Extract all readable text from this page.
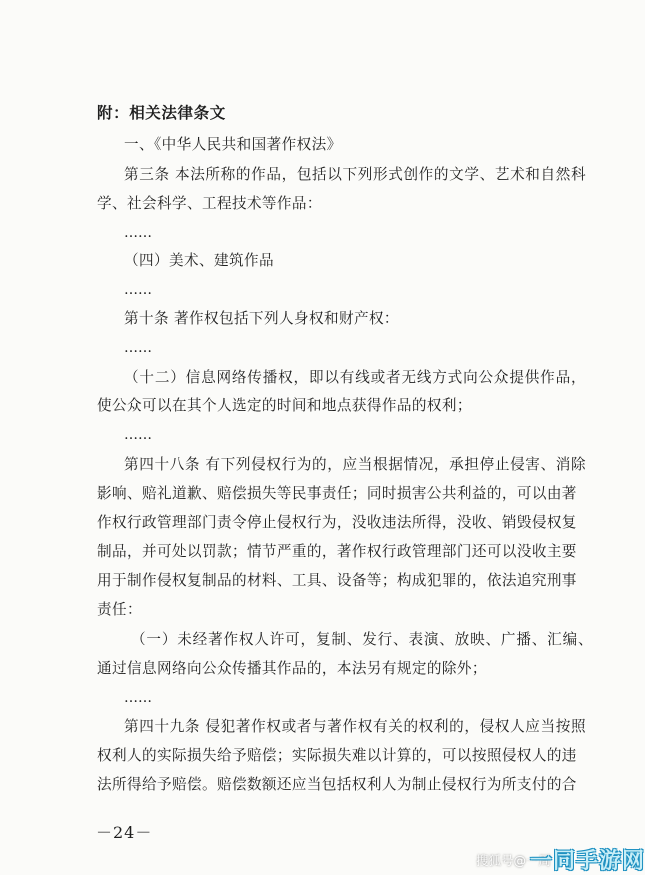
附：相关法律条文
一、《中华人民共和国著作权法》
第三条 本法所称的作品，包括以下列形式创作的文学、艺术和自然科
学、社会科学、工程技术等作品：
……
（四）美术、建筑作品
……
第十条 著作权包括下列人身权和财产权：
……
（十二）信息网络传播权，即以有线或者无线方式向公众提供作品，
使公众可以在其个人选定的时间和地点获得作品的权利；
……
第四十八条 有下列侵权行为的，应当根据情况，承担停止侵害、消除
影响、赔礼道歉、赔偿损失等民事责任；同时损害公共利益的，可以由著
作权行政管理部门责令停止侵权行为，没收违法所得，没收、销毁侵权复
制品，并可处以罚款；情节严重的，著作权行政管理部门还可以没收主要
用于制作侵权复制品的材料、工具、设备等；构成犯罪的，依法追究刑事
责任：
（一）未经著作权人许可，复制、发行、表演、放映、广播、汇编、
通过信息网络向公众传播其作品的，本法另有规定的除外；
……
第四十九条 侵犯著作权或者与著作权有关的权利的，侵权人应当按照
权利人的实际损失给予赔偿；实际损失难以计算的，可以按照侵权人的违
法所得给予赔偿。赔偿数额还应当包括权利人为制止侵权行为所支付的合
－24－
搜狐号@一周
一同手游网
